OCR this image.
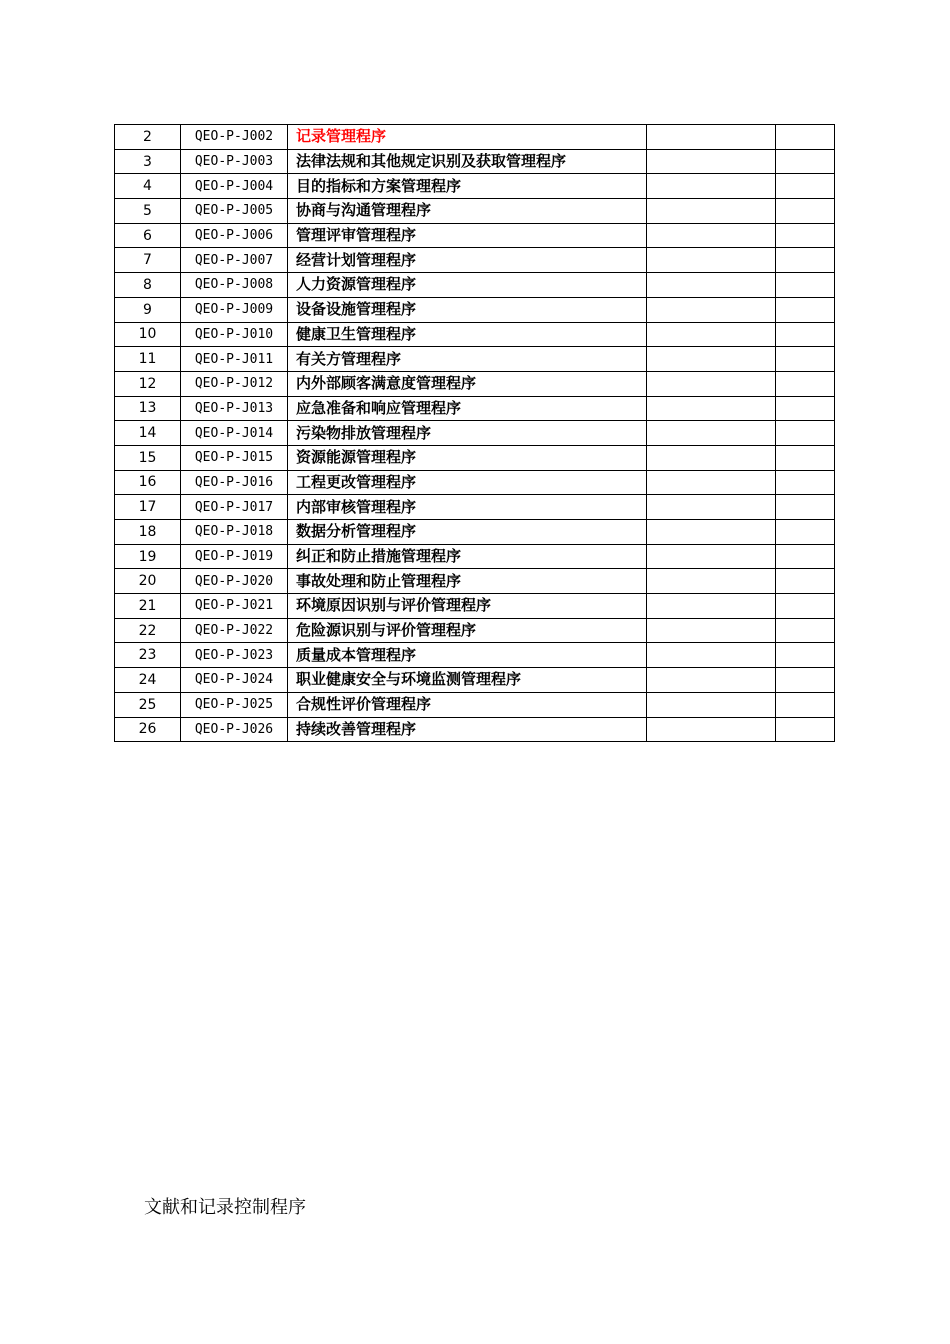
2	QEO-P-J002	记录管理程序		
3	QEO-P-J003	法律法规和其他规定识别及获取管理程序		
4	QEO-P-J004	目的指标和方案管理程序		
5	QEO-P-J005	协商与沟通管理程序		
6	QEO-P-J006	管理评审管理程序		
7	QEO-P-J007	经营计划管理程序		
8	QEO-P-J008	人力资源管理程序		
9	QEO-P-J009	设备设施管理程序		
10	QEO-P-J010	健康卫生管理程序		
11	QEO-P-J011	有关方管理程序		
12	QEO-P-J012	内外部顾客满意度管理程序		
13	QEO-P-J013	应急准备和响应管理程序		
14	QEO-P-J014	污染物排放管理程序		
15	QEO-P-J015	资源能源管理程序		
16	QEO-P-J016	工程更改管理程序		
17	QEO-P-J017	内部审核管理程序		
18	QEO-P-J018	数据分析管理程序		
19	QEO-P-J019	纠正和防止措施管理程序		
20	QEO-P-J020	事故处理和防止管理程序		
21	QEO-P-J021	环境原因识别与评价管理程序		
22	QEO-P-J022	危险源识别与评价管理程序		
23	QEO-P-J023	质量成本管理程序		
24	QEO-P-J024	职业健康安全与环境监测管理程序		
25	QEO-P-J025	合规性评价管理程序		
26	QEO-P-J026	持续改善管理程序		
文献和记录控制程序
